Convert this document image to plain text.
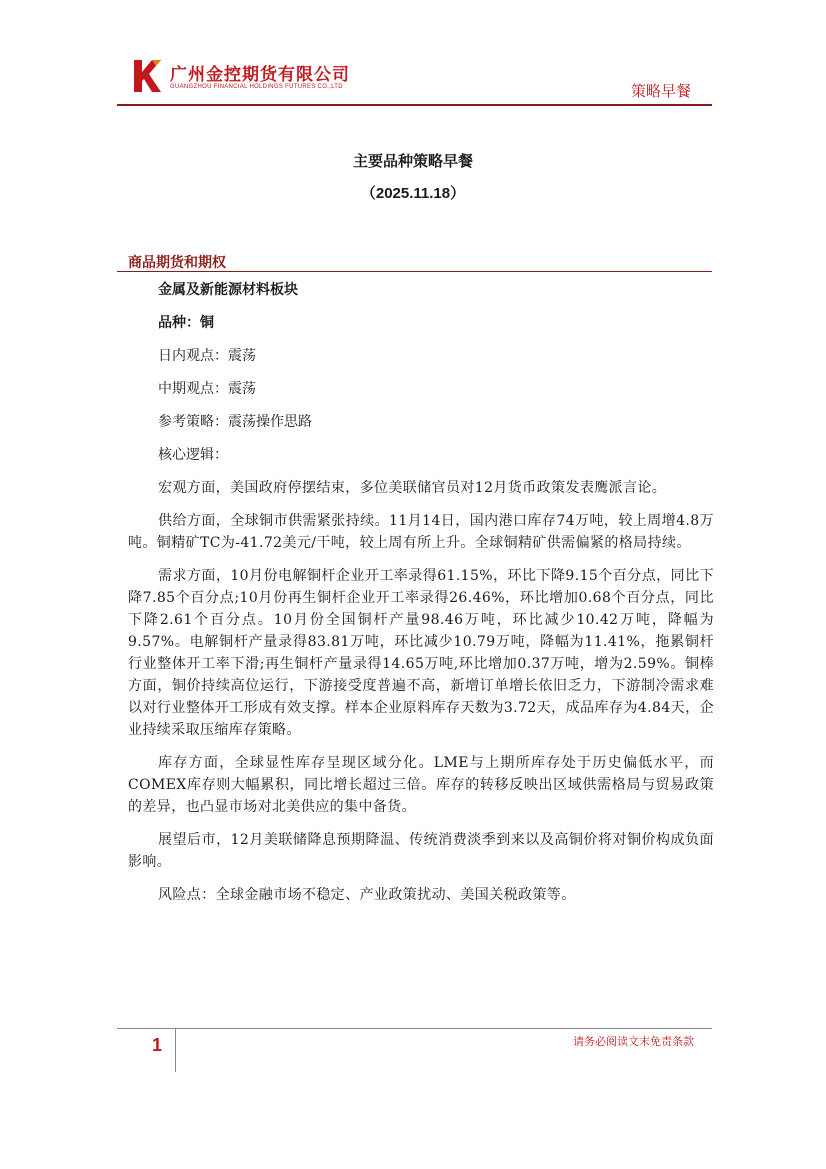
广州金控期货有限公司
GUANGZHOU FINANCIAL HOLDINGS FUTURES CO.,LTD	策略早餐
主要品种策略早餐
（2025.11.18）
商品期货和期权

金属及新能源材料板块

品种：铜

日内观点：震荡

中期观点：震荡

参考策略：震荡操作思路

核心逻辑：

宏观方面，美国政府停摆结束，多位美联储官员对12月货币政策发表鹰派言论。

供给方面，全球铜市供需紧张持续。11月14日，国内港口库存74万吨，较上周增4.8万吨。铜精矿TC为-41.72美元/干吨，较上周有所上升。全球铜精矿供需偏紧的格局持续。

需求方面，10月份电解铜杆企业开工率录得61.15%，环比下降9.15个百分点，同比下降7.85个百分点;10月份再生铜杆企业开工率录得26.46%，环比增加0.68个百分点，同比下降2.61个百分点。10月份全国铜杆产量98.46万吨，环比减少10.42万吨，降幅为9.57%。电解铜杆产量录得83.81万吨，环比减少10.79万吨，降幅为11.41%，拖累铜杆行业整体开工率下滑;再生铜杆产量录得14.65万吨,环比增加0.37万吨，增为2.59%。铜棒方面，铜价持续高位运行，下游接受度普遍不高，新增订单增长依旧乏力，下游制冷需求难以对行业整体开工形成有效支撑。样本企业原料库存天数为3.72天，成品库存为4.84天，企业持续采取压缩库存策略。

库存方面，全球显性库存呈现区域分化。LME与上期所库存处于历史偏低水平，而COMEX库存则大幅累积，同比增长超过三倍。库存的转移反映出区域供需格局与贸易政策的差异，也凸显市场对北美供应的集中备货。

展望后市，12月美联储降息预期降温、传统消费淡季到来以及高铜价将对铜价构成负面影响。

风险点：全球金融市场不稳定、产业政策扰动、美国关税政策等。

1	请务必阅读文末免责条款
